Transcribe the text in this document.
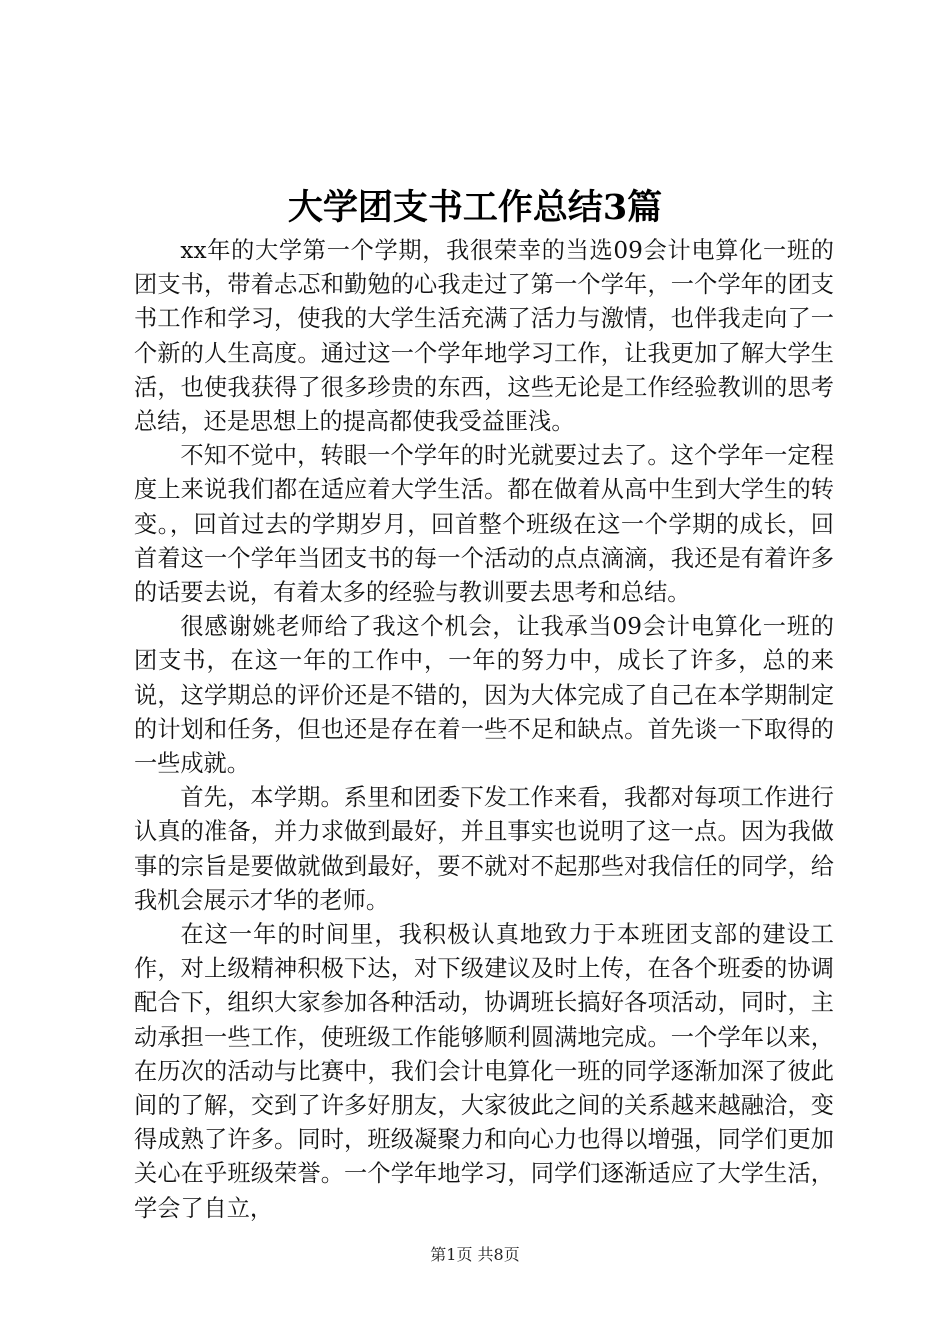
大学团支书工作总结3篇

xx年的大学第一个学期，我很荣幸的当选09会计电算化一班的团支书，带着忐忑和勤勉的心我走过了第一个学年，一个学年的团支书工作和学习，使我的大学生活充满了活力与激情，也伴我走向了一个新的人生高度。通过这一个学年地学习工作，让我更加了解大学生活，也使我获得了很多珍贵的东西，这些无论是工作经验教训的思考总结，还是思想上的提高都使我受益匪浅。

不知不觉中，转眼一个学年的时光就要过去了。这个学年一定程度上来说我们都在适应着大学生活。都在做着从高中生到大学生的转变。，回首过去的学期岁月，回首整个班级在这一个学期的成长，回首着这一个学年当团支书的每一个活动的点点滴滴，我还是有着许多的话要去说，有着太多的经验与教训要去思考和总结。

很感谢姚老师给了我这个机会，让我承当09会计电算化一班的团支书，在这一年的工作中，一年的努力中，成长了许多，总的来说，这学期总的评价还是不错的，因为大体完成了自己在本学期制定的计划和任务，但也还是存在着一些不足和缺点。首先谈一下取得的一些成就。

首先，本学期。系里和团委下发工作来看，我都对每项工作进行认真的准备，并力求做到最好，并且事实也说明了这一点。因为我做事的宗旨是要做就做到最好，要不就对不起那些对我信任的同学，给我机会展示才华的老师。

在这一年的时间里，我积极认真地致力于本班团支部的建设工作，对上级精神积极下达，对下级建议及时上传，在各个班委的协调配合下，组织大家参加各种活动，协调班长搞好各项活动，同时，主动承担一些工作，使班级工作能够顺利圆满地完成。一个学年以来，在历次的活动与比赛中，我们会计电算化一班的同学逐渐加深了彼此间的了解，交到了许多好朋友，大家彼此之间的关系越来越融洽，变得成熟了许多。同时，班级凝聚力和向心力也得以增强，同学们更加关心在乎班级荣誉。一个学年地学习，同学们逐渐适应了大学生活，学会了自立，

第1页 共8页
